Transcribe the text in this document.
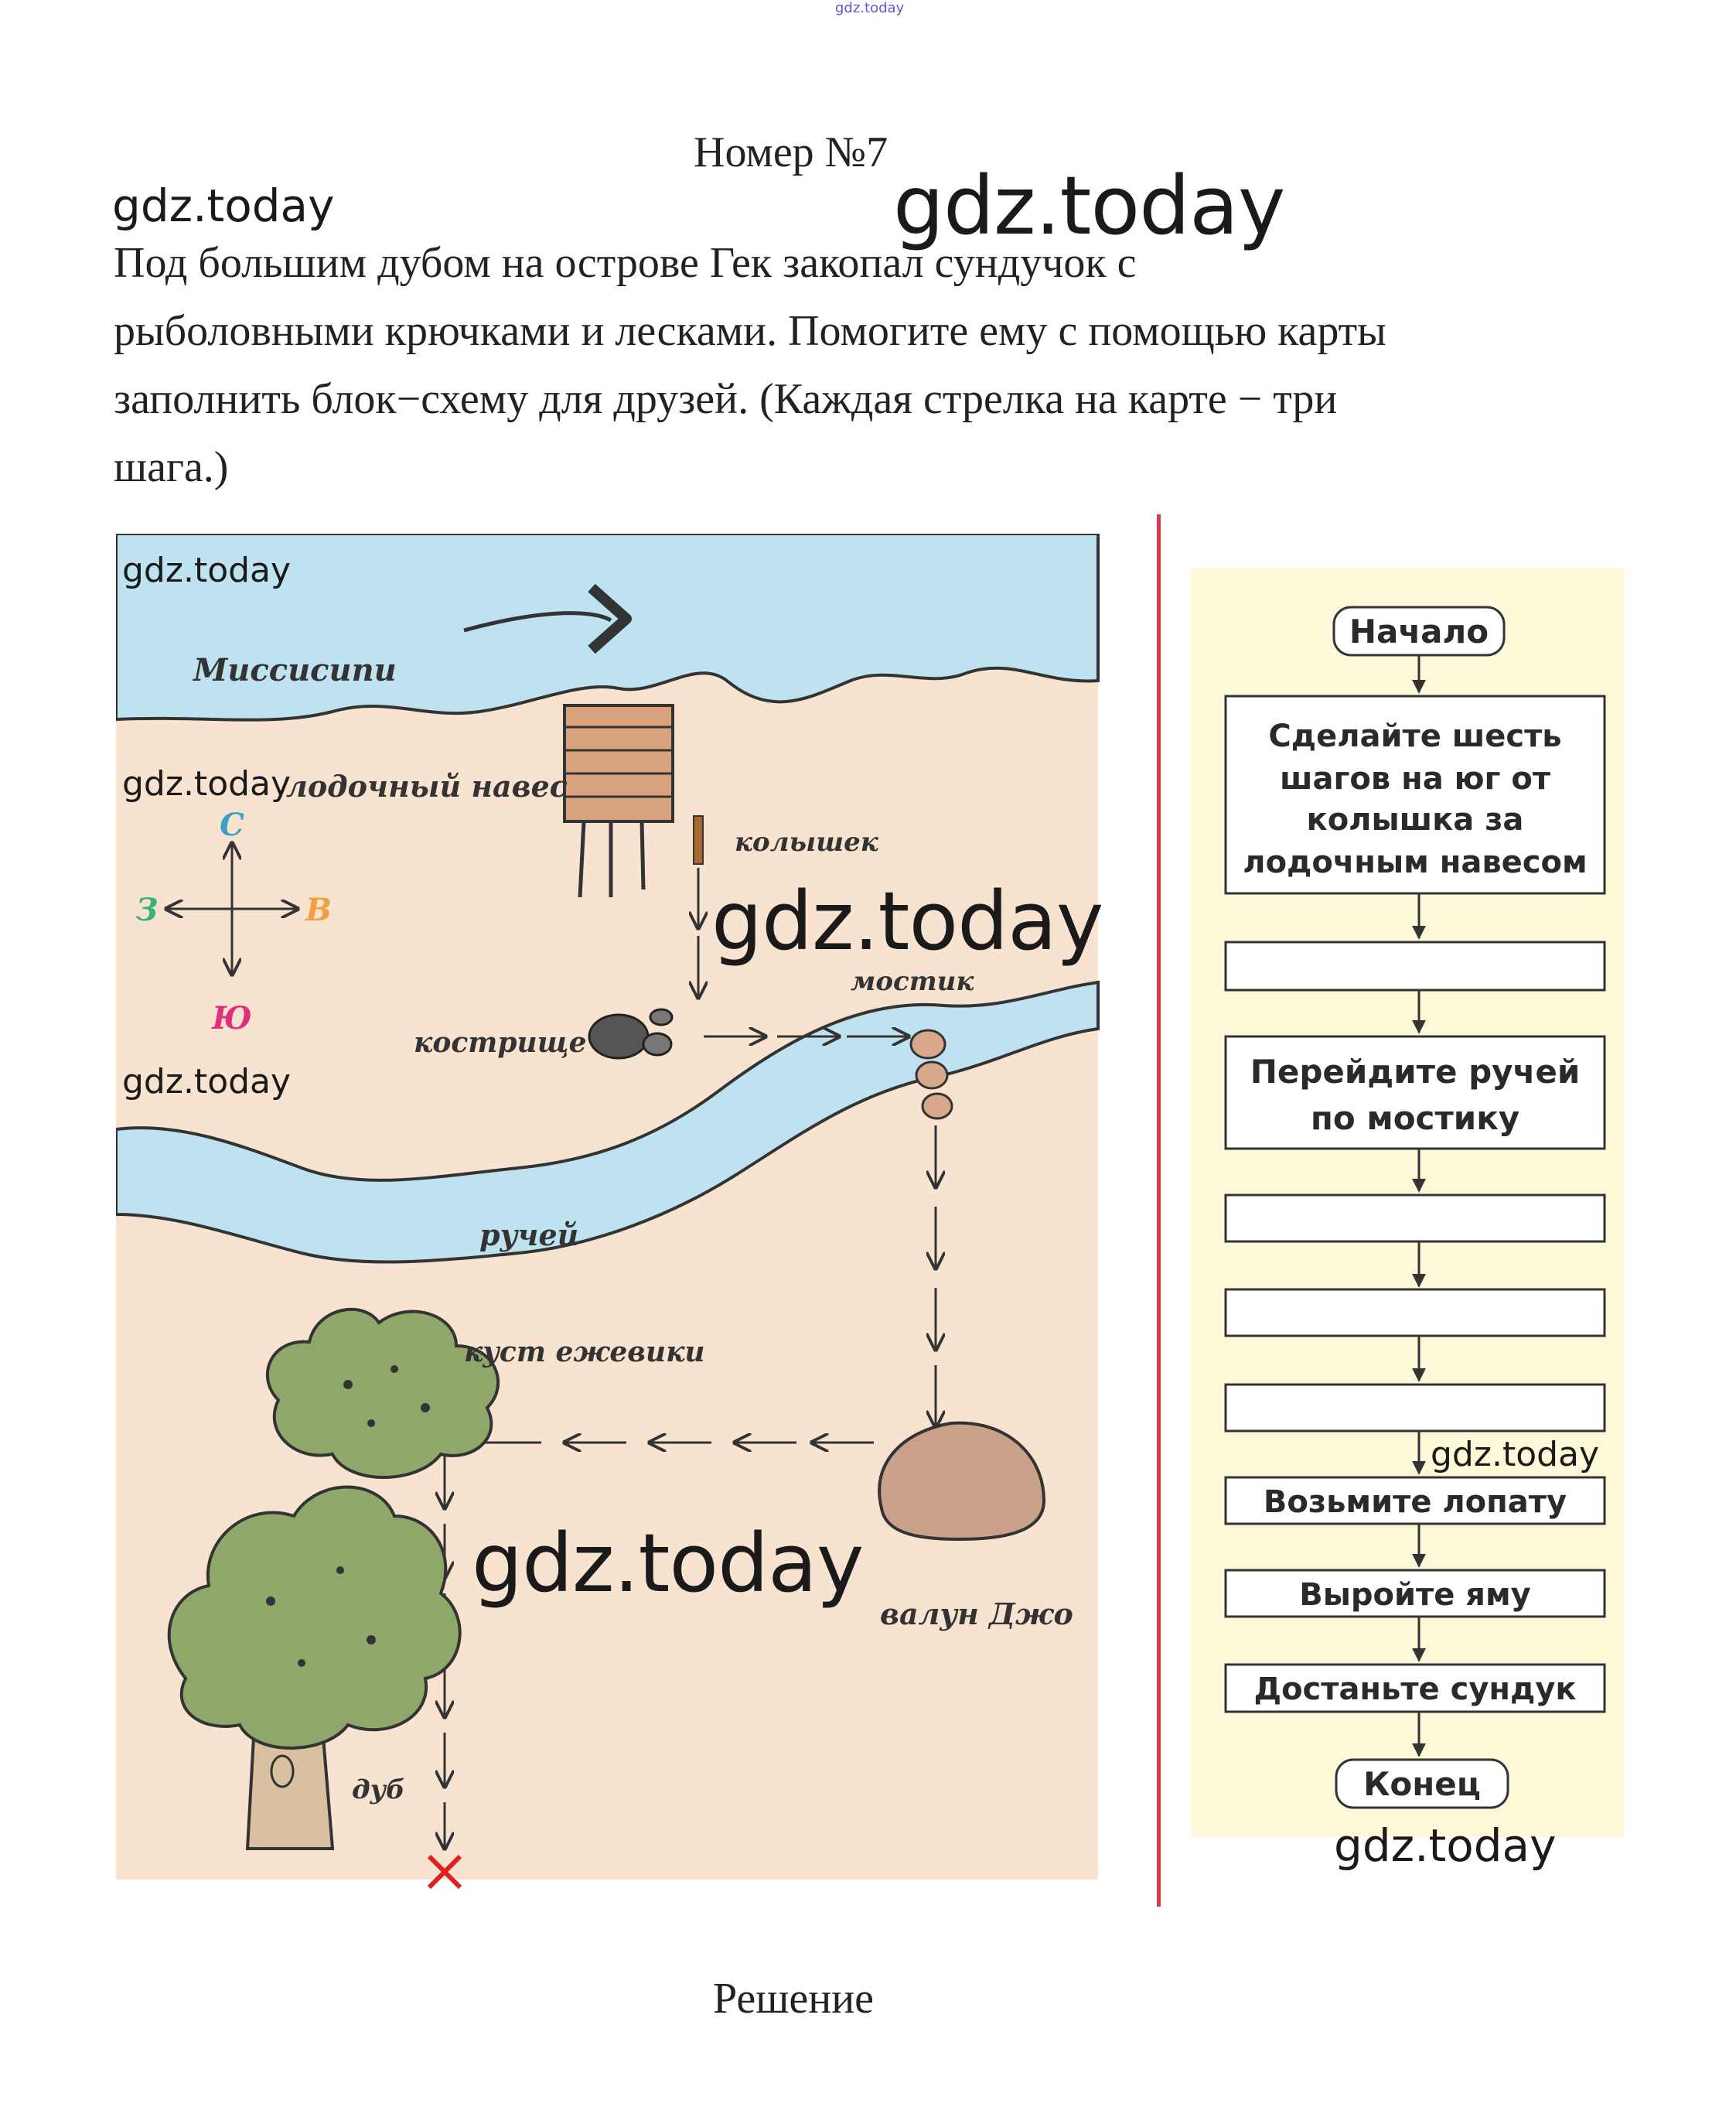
gdz.today
Номер №7
gdz.today	gdz.today
Под большим дубом на острове Гек закопал сундучок с
рыболовными крючками и лесками. Помогите ему с помощью карты
заполнить блок−схему для друзей. (Каждая стрелка на карте − три
шага.)
Миссисипи
ручей
лодочный навес
колышек
кострище
мостик
валун Джо
куст ежевики
дуб
С
З	В
Ю
Начало
Сделайте шесть
шагов на юг от
колышка за
лодочным навесом
Перейдите ручей
по мостику
Возьмите лопату
Выройте яму
Достаньте сундук
Конец
gdz.today
gdz.today
gdz.today
gdz.today
gdz.today
gdz.today
gdz.today
Решение
